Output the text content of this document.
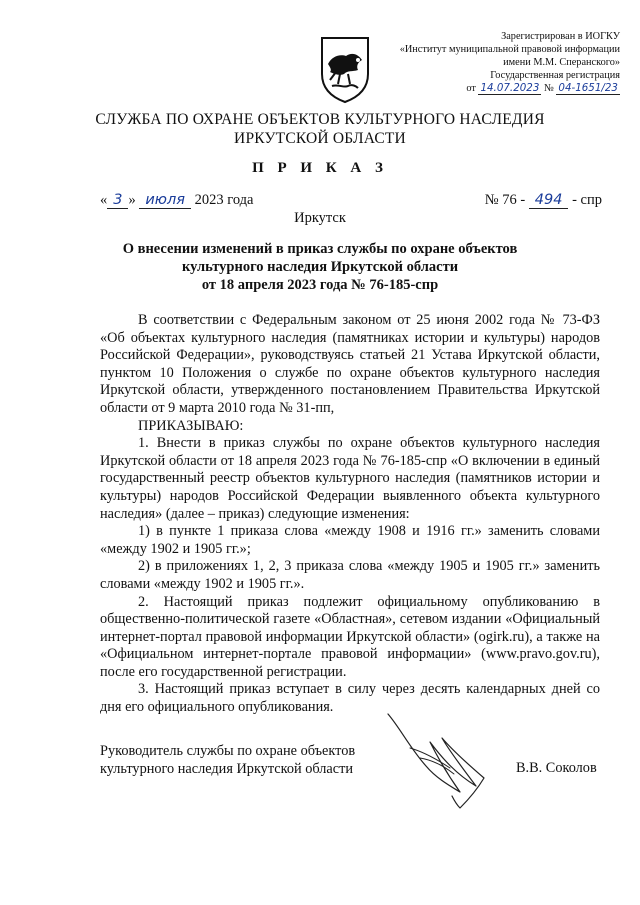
Зарегистрирован в ИОГКУ
«Институт муниципальной правовой информации
имени М.М. Сперанского»
Государственная регистрация
от 14.07.2023 № 04-1651/23
СЛУЖБА ПО ОХРАНЕ ОБЪЕКТОВ КУЛЬТУРНОГО НАСЛЕДИЯ
ИРКУТСКОЙ ОБЛАСТИ
П Р И К А З
« 3 » июля 2023 года	№ 76 - 494 - спр
Иркутск
О внесении изменений в приказ службы по охране объектов
культурного наследия Иркутской области
от 18 апреля 2023 года № 76-185-спр

В соответствии с Федеральным законом от 25 июня 2002 года № 73-ФЗ «Об объектах культурного наследия (памятниках истории и культуры) народов Российской Федерации», руководствуясь статьей 21 Устава Иркутской области, пунктом 10 Положения о службе по охране объектов культурного наследия Иркутской области, утвержденного постановлением Правительства Иркутской области от 9 марта 2010 года № 31-пп,

ПРИКАЗЫВАЮ:

1. Внести в приказ службы по охране объектов культурного наследия Иркутской области от 18 апреля 2023 года № 76-185-спр «О включении в единый государственный реестр объектов культурного наследия (памятников истории и культуры) народов Российской Федерации выявленного объекта культурного наследия» (далее – приказ) следующие изменения:

1) в пункте 1 приказа слова «между 1908 и 1916 гг.» заменить словами «между 1902 и 1905 гг.»;

2) в приложениях 1, 2, 3 приказа слова «между 1905 и 1905 гг.» заменить словами «между 1902 и 1905 гг.».

2. Настоящий приказ подлежит официальному опубликованию в общественно-политической газете «Областная», сетевом издании «Официальный интернет-портал правовой информации Иркутской области» (ogirk.ru), а также на «Официальном интернет-портале правовой информации» (www.pravo.gov.ru), после его государственной регистрации.

3. Настоящий приказ вступает в силу через десять календарных дней со дня его официального опубликования.

Руководитель службы по охране объектов
культурного наследия Иркутской области	В.В. Соколов
